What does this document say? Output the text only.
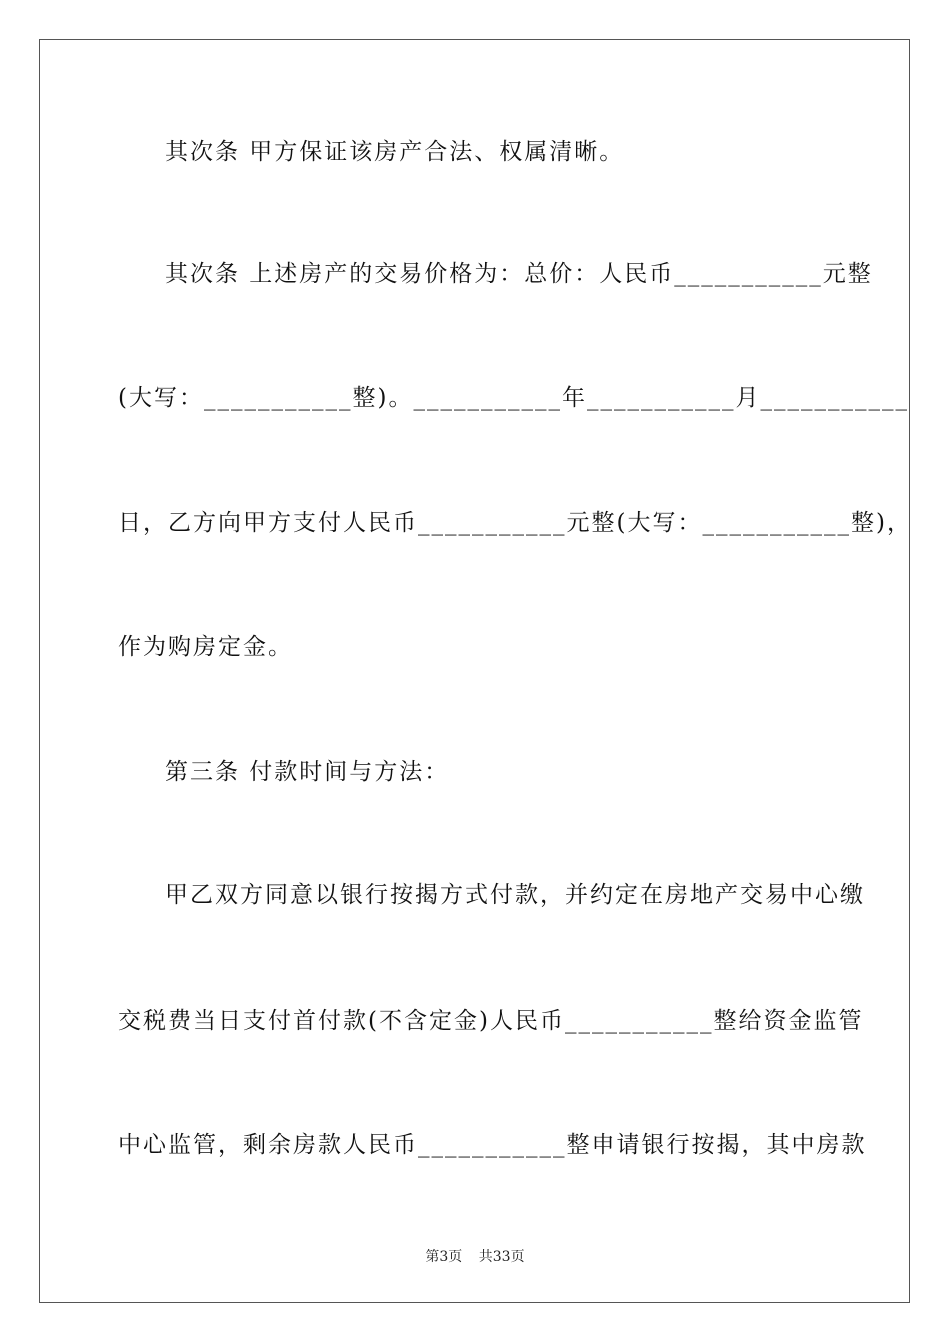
其次条 甲方保证该房产合法、权属清晰。
其次条 上述房产的交易价格为：总价：人民币___________元整
(大写：___________整)。___________年___________月___________
日，乙方向甲方支付人民币___________元整(大写：___________整)，
作为购房定金。
第三条 付款时间与方法：
甲乙双方同意以银行按揭方式付款，并约定在房地产交易中心缴
交税费当日支付首付款(不含定金)人民币___________整给资金监管
中心监管，剩余房款人民币___________整申请银行按揭，其中房款
第3页 共33页
